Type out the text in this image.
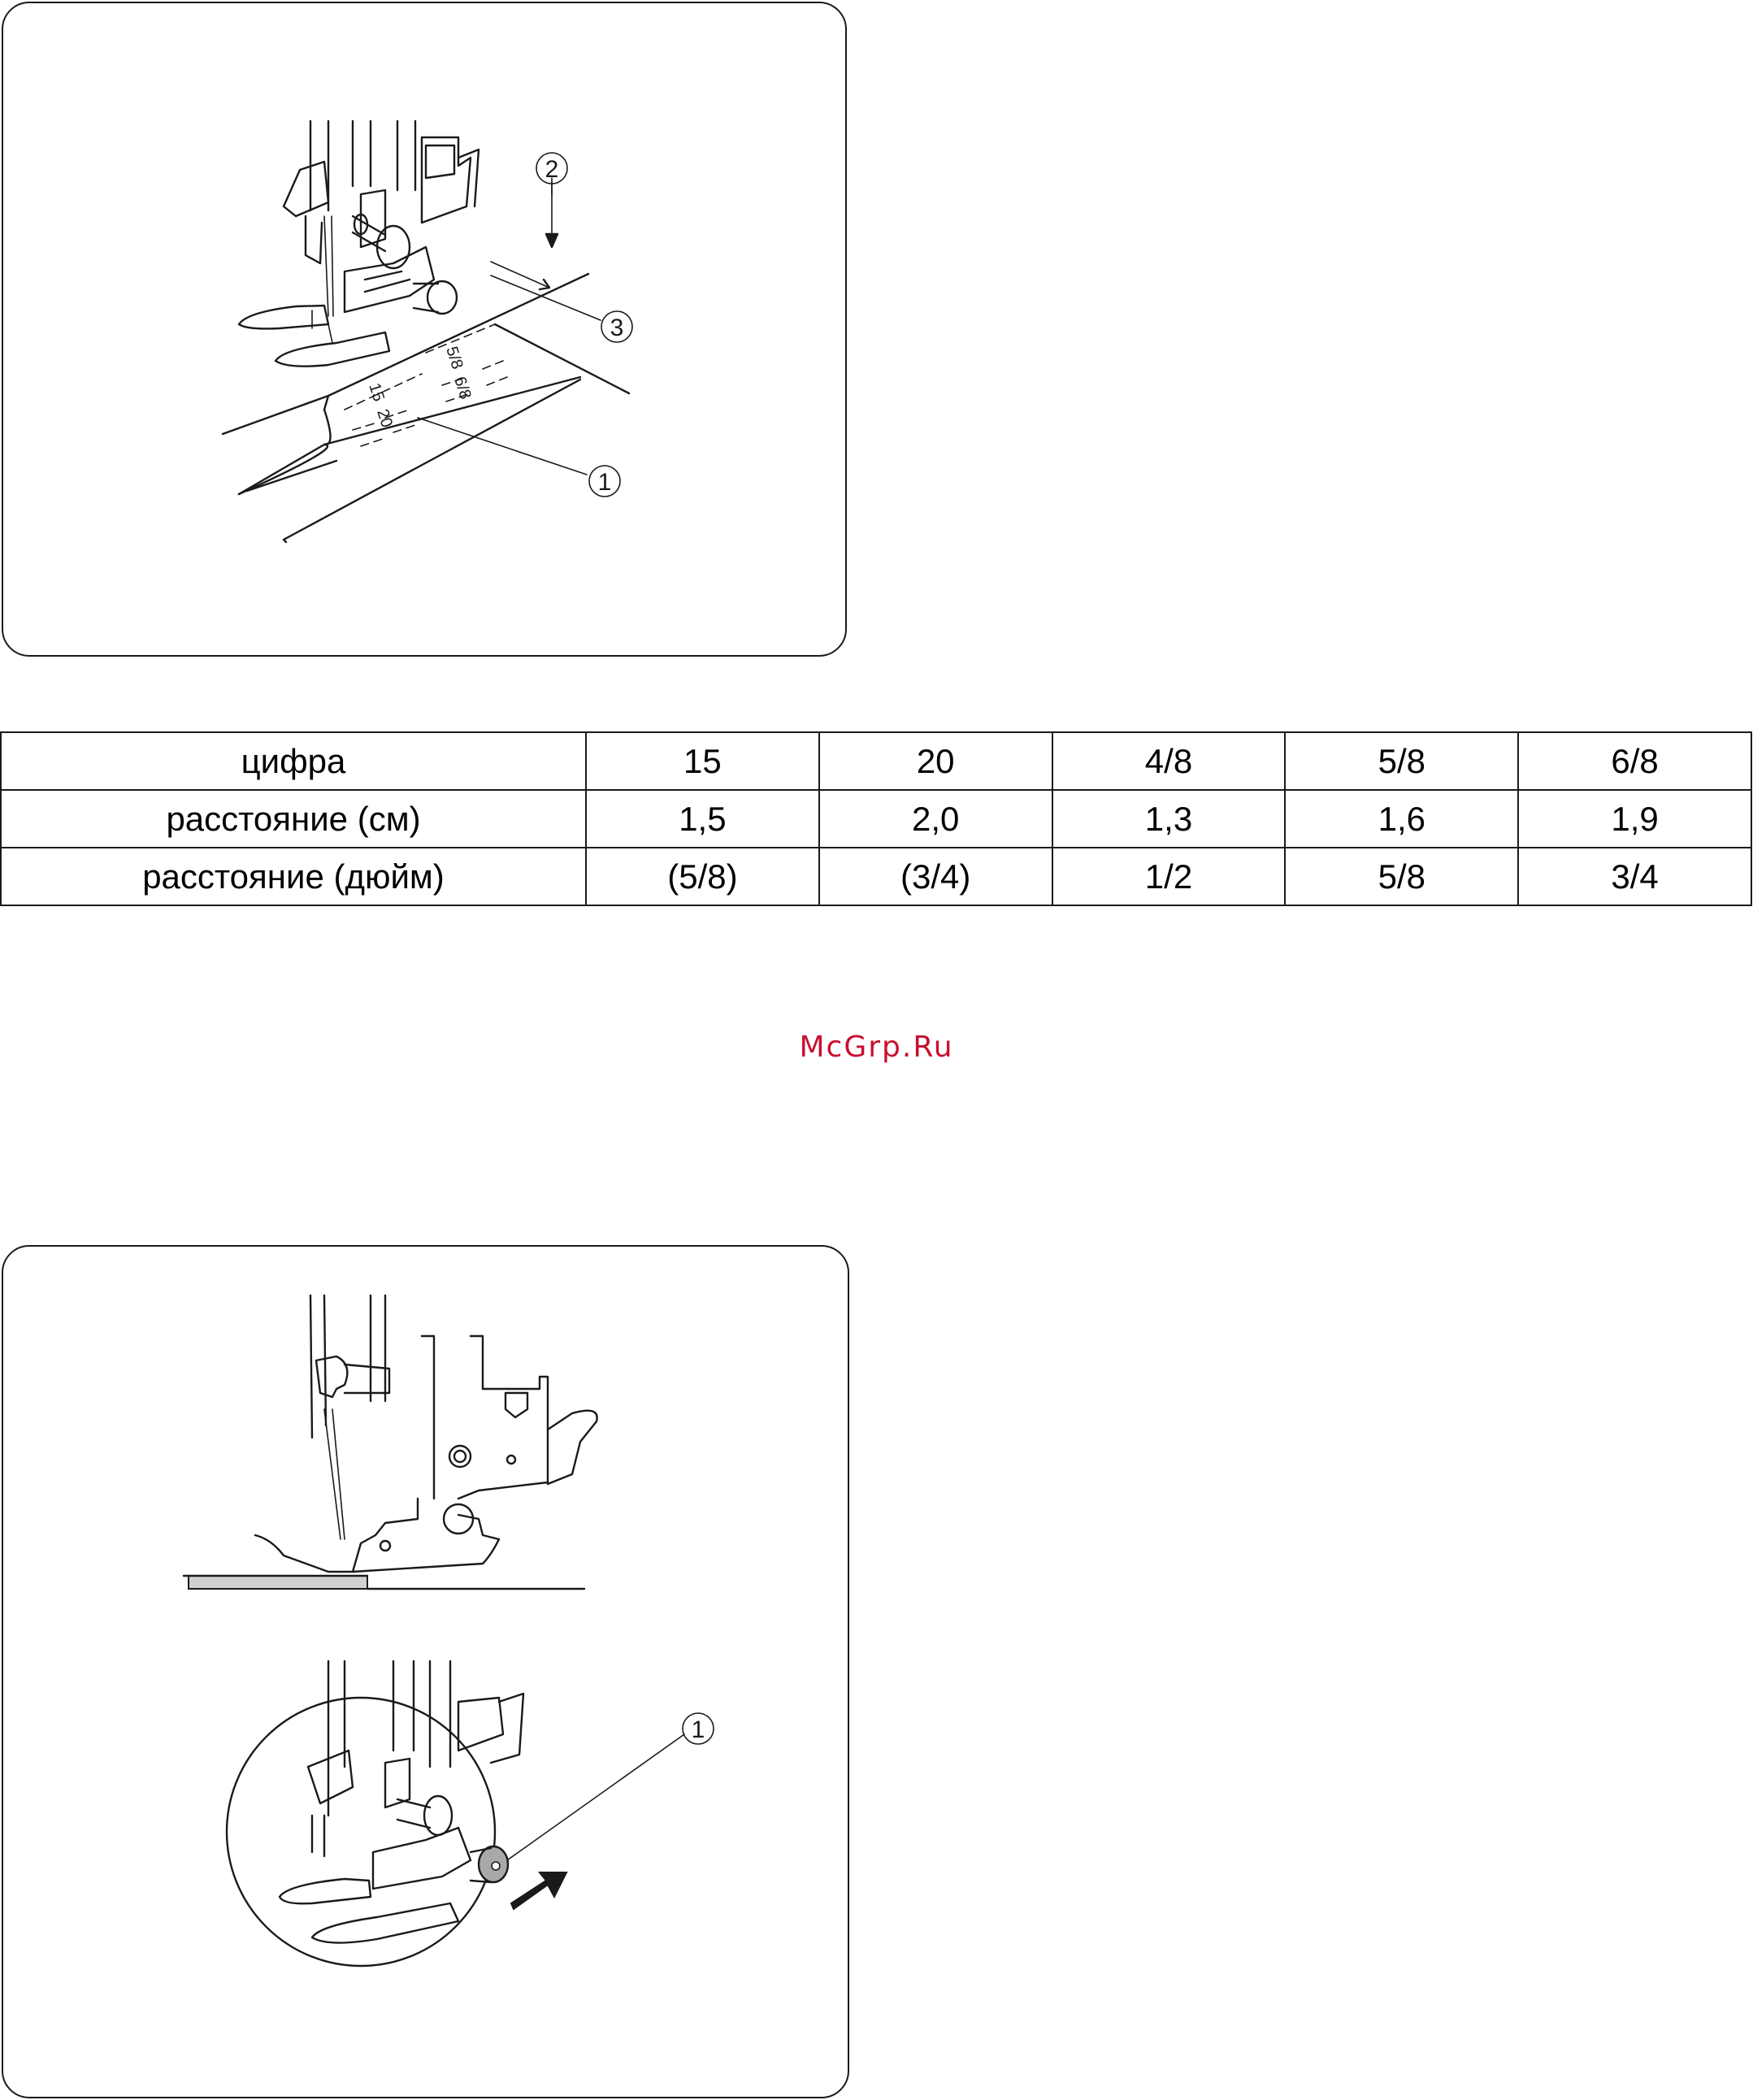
5/8
6/8
15
20
2
3
1
цифра	15	20	4/8	5/8	6/8
расстояние (см)	1,5	2,0	1,3	1,6	1,9
расстояние (дюйм)	(5/8)	(3/4)	1/2	5/8	3/4
McGrp.Ru
1
